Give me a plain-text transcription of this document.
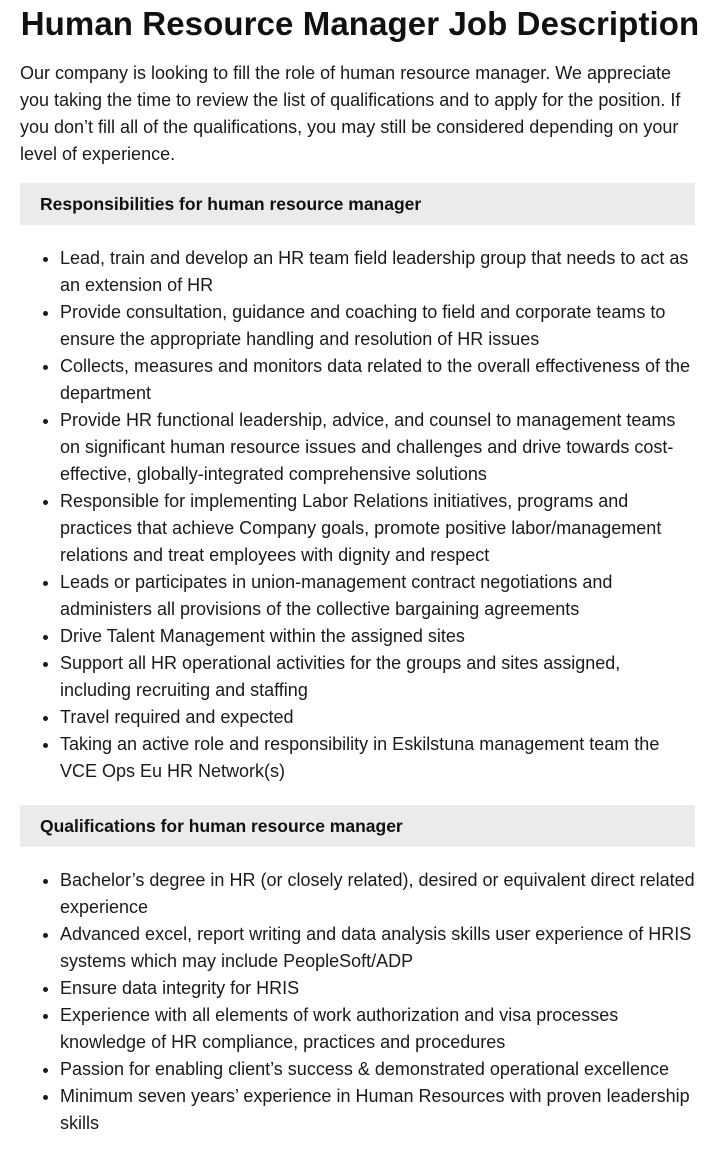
Human Resource Manager Job Description

Our company is looking to fill the role of human resource manager. We appreciate you taking the time to review the list of qualifications and to apply for the position. If you don’t fill all of the qualifications, you may still be considered depending on your level of experience.

Responsibilities for human resource manager
• Lead, train and develop an HR team field leadership group that needs to act as an extension of HR
• Provide consultation, guidance and coaching to field and corporate teams to ensure the appropriate handling and resolution of HR issues
• Collects, measures and monitors data related to the overall effectiveness of the department
• Provide HR functional leadership, advice, and counsel to management teams on significant human resource issues and challenges and drive towards cost-effective, globally-integrated comprehensive solutions
• Responsible for implementing Labor Relations initiatives, programs and practices that achieve Company goals, promote positive labor/management relations and treat employees with dignity and respect
• Leads or participates in union-management contract negotiations and administers all provisions of the collective bargaining agreements
• Drive Talent Management within the assigned sites
• Support all HR operational activities for the groups and sites assigned, including recruiting and staffing
• Travel required and expected
• Taking an active role and responsibility in Eskilstuna management team the VCE Ops Eu HR Network(s)
Qualifications for human resource manager
• Bachelor’s degree in HR (or closely related), desired or equivalent direct related experience
• Advanced excel, report writing and data analysis skills user experience of HRIS systems which may include PeopleSoft/ADP
• Ensure data integrity for HRIS
• Experience with all elements of work authorization and visa processes knowledge of HR compliance, practices and procedures
• Passion for enabling client’s success & demonstrated operational excellence
• Minimum seven years’ experience in Human Resources with proven leadership skills
